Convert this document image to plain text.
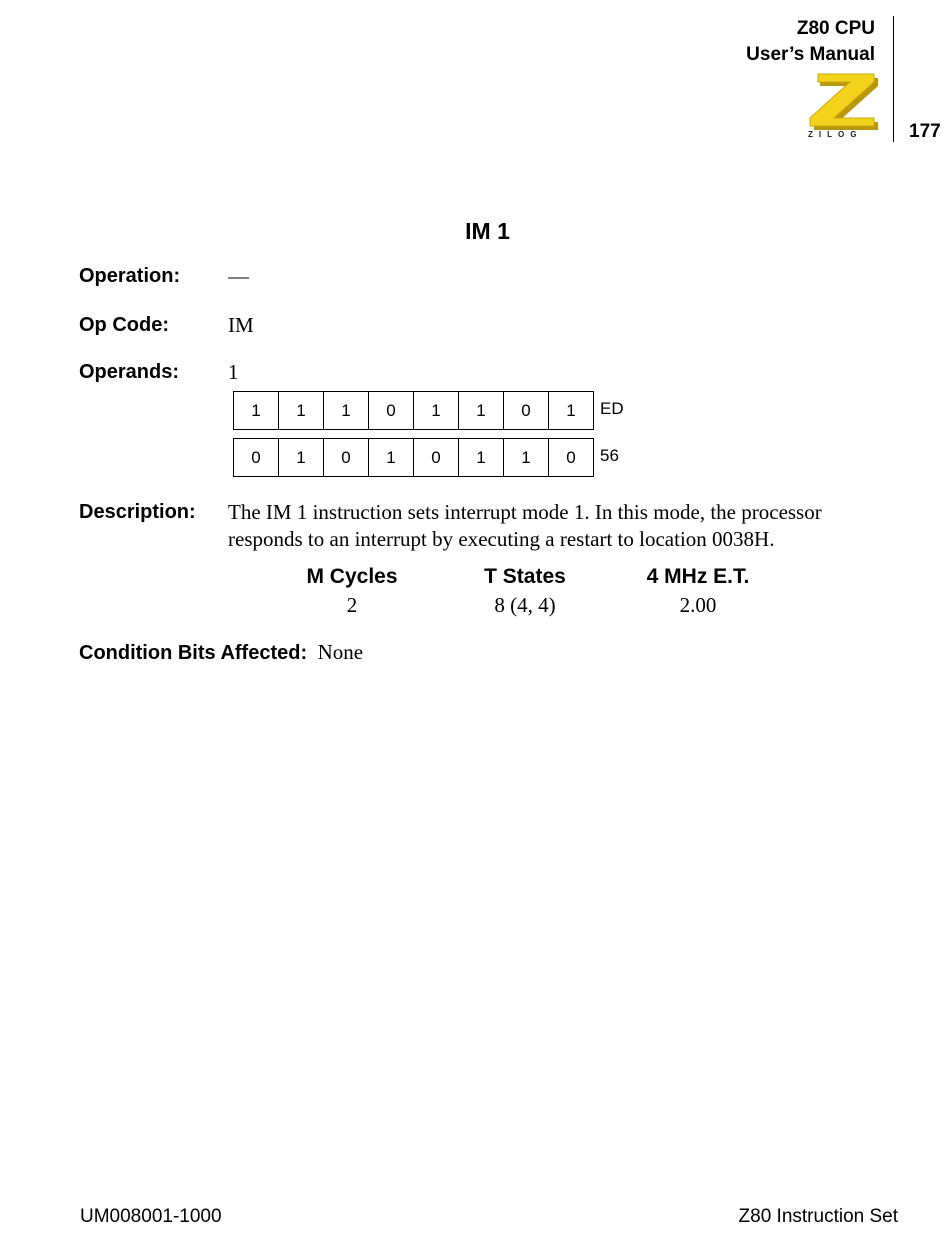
Z80 CPU
User’s Manual
177
ZILOG
IM 1
Operation: —
Op Code:	IM
Operands: 1
1	1	1	0	1	1	0	1	ED
0	1	0	1	0	1	1	0	56
Description: The IM 1 instruction sets interrupt mode 1. In this mode, the processor responds to an interrupt by executing a restart to location 0038H.
M Cycles	T States	4 MHz E.T.
2	8 (4, 4)	2.00
Condition Bits Affected: None
UM008001-1000	Z80 Instruction Set
